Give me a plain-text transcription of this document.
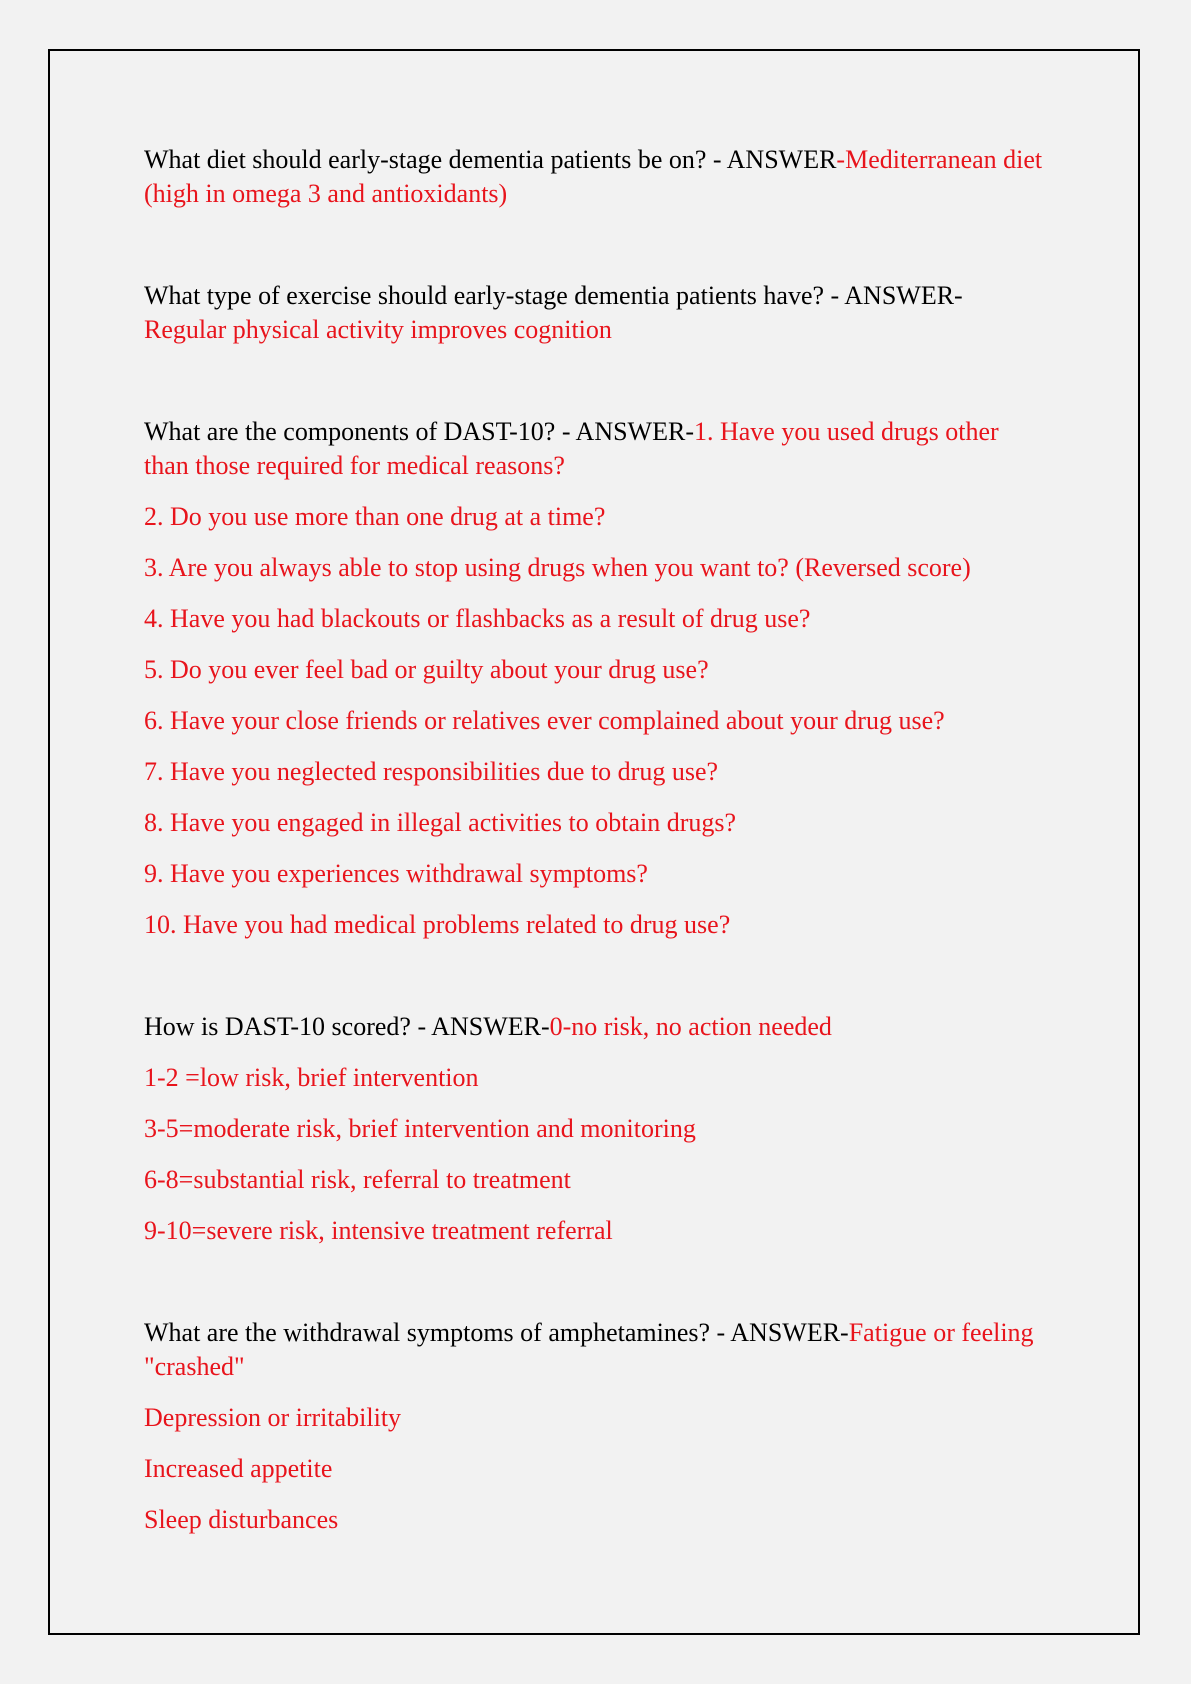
What diet should early-stage dementia patients be on? - ANSWER-Mediterranean diet (high in omega 3 and antioxidants)

What type of exercise should early-stage dementia patients have? - ANSWER- Regular physical activity improves cognition

What are the components of DAST-10? - ANSWER-1. Have you used drugs other than those required for medical reasons?

2. Do you use more than one drug at a time?

3. Are you always able to stop using drugs when you want to? (Reversed score)

4. Have you had blackouts or flashbacks as a result of drug use?

5. Do you ever feel bad or guilty about your drug use?

6. Have your close friends or relatives ever complained about your drug use?

7. Have you neglected responsibilities due to drug use?

8. Have you engaged in illegal activities to obtain drugs?

9. Have you experiences withdrawal symptoms?

10. Have you had medical problems related to drug use?

How is DAST-10 scored? - ANSWER-0-no risk, no action needed

1-2 =low risk, brief intervention

3-5=moderate risk, brief intervention and monitoring

6-8=substantial risk, referral to treatment

9-10=severe risk, intensive treatment referral

What are the withdrawal symptoms of amphetamines? - ANSWER-Fatigue or feeling "crashed"

Depression or irritability

Increased appetite

Sleep disturbances
